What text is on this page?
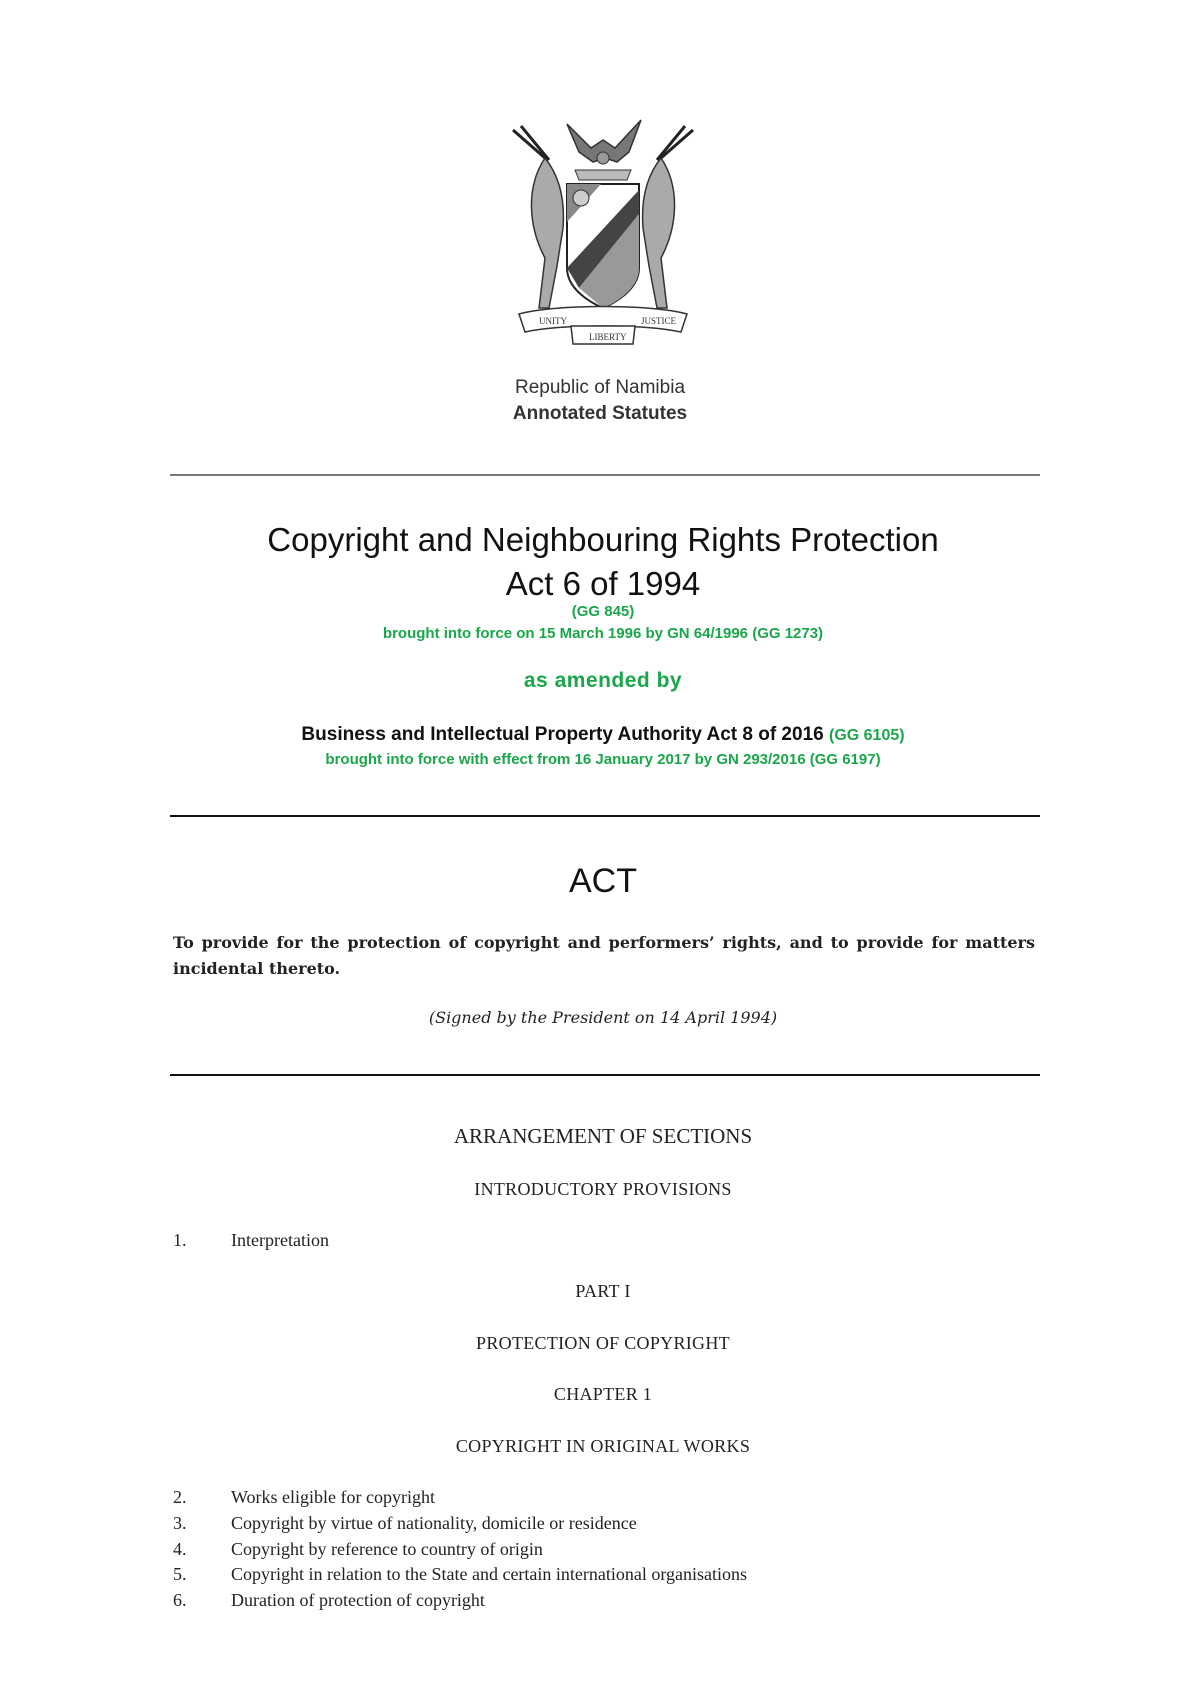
UNITY
LIBERTY
JUSTICE
Republic of Namibia
Annotated Statutes
Copyright and Neighbouring Rights Protection
Act 6 of 1994
(GG 845)
brought into force on 15 March 1996 by GN 64/1996 (GG 1273)
as amended by
Business and Intellectual Property Authority Act 8 of 2016 (GG 6105)
brought into force with effect from 16 January 2017 by GN 293/2016 (GG 6197)
ACT
To provide for the protection of copyright and performers’ rights, and to provide for matters incidental thereto.
(Signed by the President on 14 April 1994)
ARRANGEMENT OF SECTIONS
INTRODUCTORY PROVISIONS
1. Interpretation
PART I
PROTECTION OF COPYRIGHT
CHAPTER 1
COPYRIGHT IN ORIGINAL WORKS
2. Works eligible for copyright
3. Copyright by virtue of nationality, domicile or residence
4. Copyright by reference to country of origin
5. Copyright in relation to the State and certain international organisations
6. Duration of protection of copyright
